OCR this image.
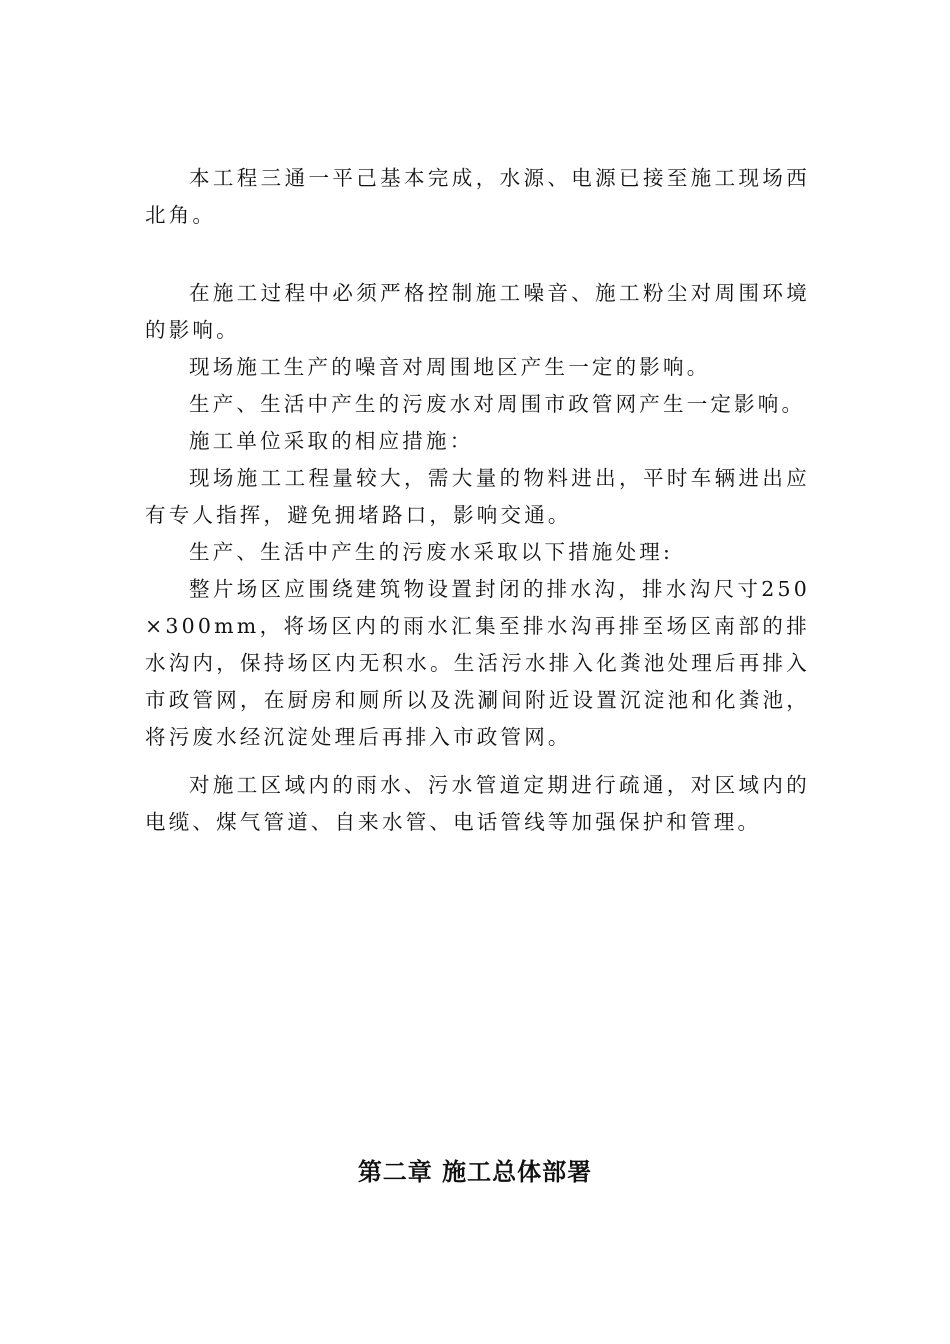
本工程三通一平己基本完成，水源、电源已接至施工现场西北角。

在施工过程中必须严格控制施工噪音、施工粉尘对周围环境的影响。

现场施工生产的噪音对周围地区产生一定的影响。

生产、生活中产生的污废水对周围市政管网产生一定影响。

施工单位采取的相应措施：

现场施工工程量较大，需大量的物料进出，平时车辆进出应有专人指挥，避免拥堵路口，影响交通。

生产、生活中产生的污废水采取以下措施处理:

整片场区应围绕建筑物设置封闭的排水沟，排水沟尺寸250×300mm，将场区内的雨水汇集至排水沟再排至场区南部的排水沟内，保持场区内无积水。生活污水排入化粪池处理后再排入市政管网，在厨房和厕所以及洗涮间附近设置沉淀池和化粪池，将污废水经沉淀处理后再排入市政管网。

对施工区域内的雨水、污水管道定期进行疏通，对区域内的电缆、煤气管道、自来水管、电话管线等加强保护和管理。

第二章 施工总体部署
